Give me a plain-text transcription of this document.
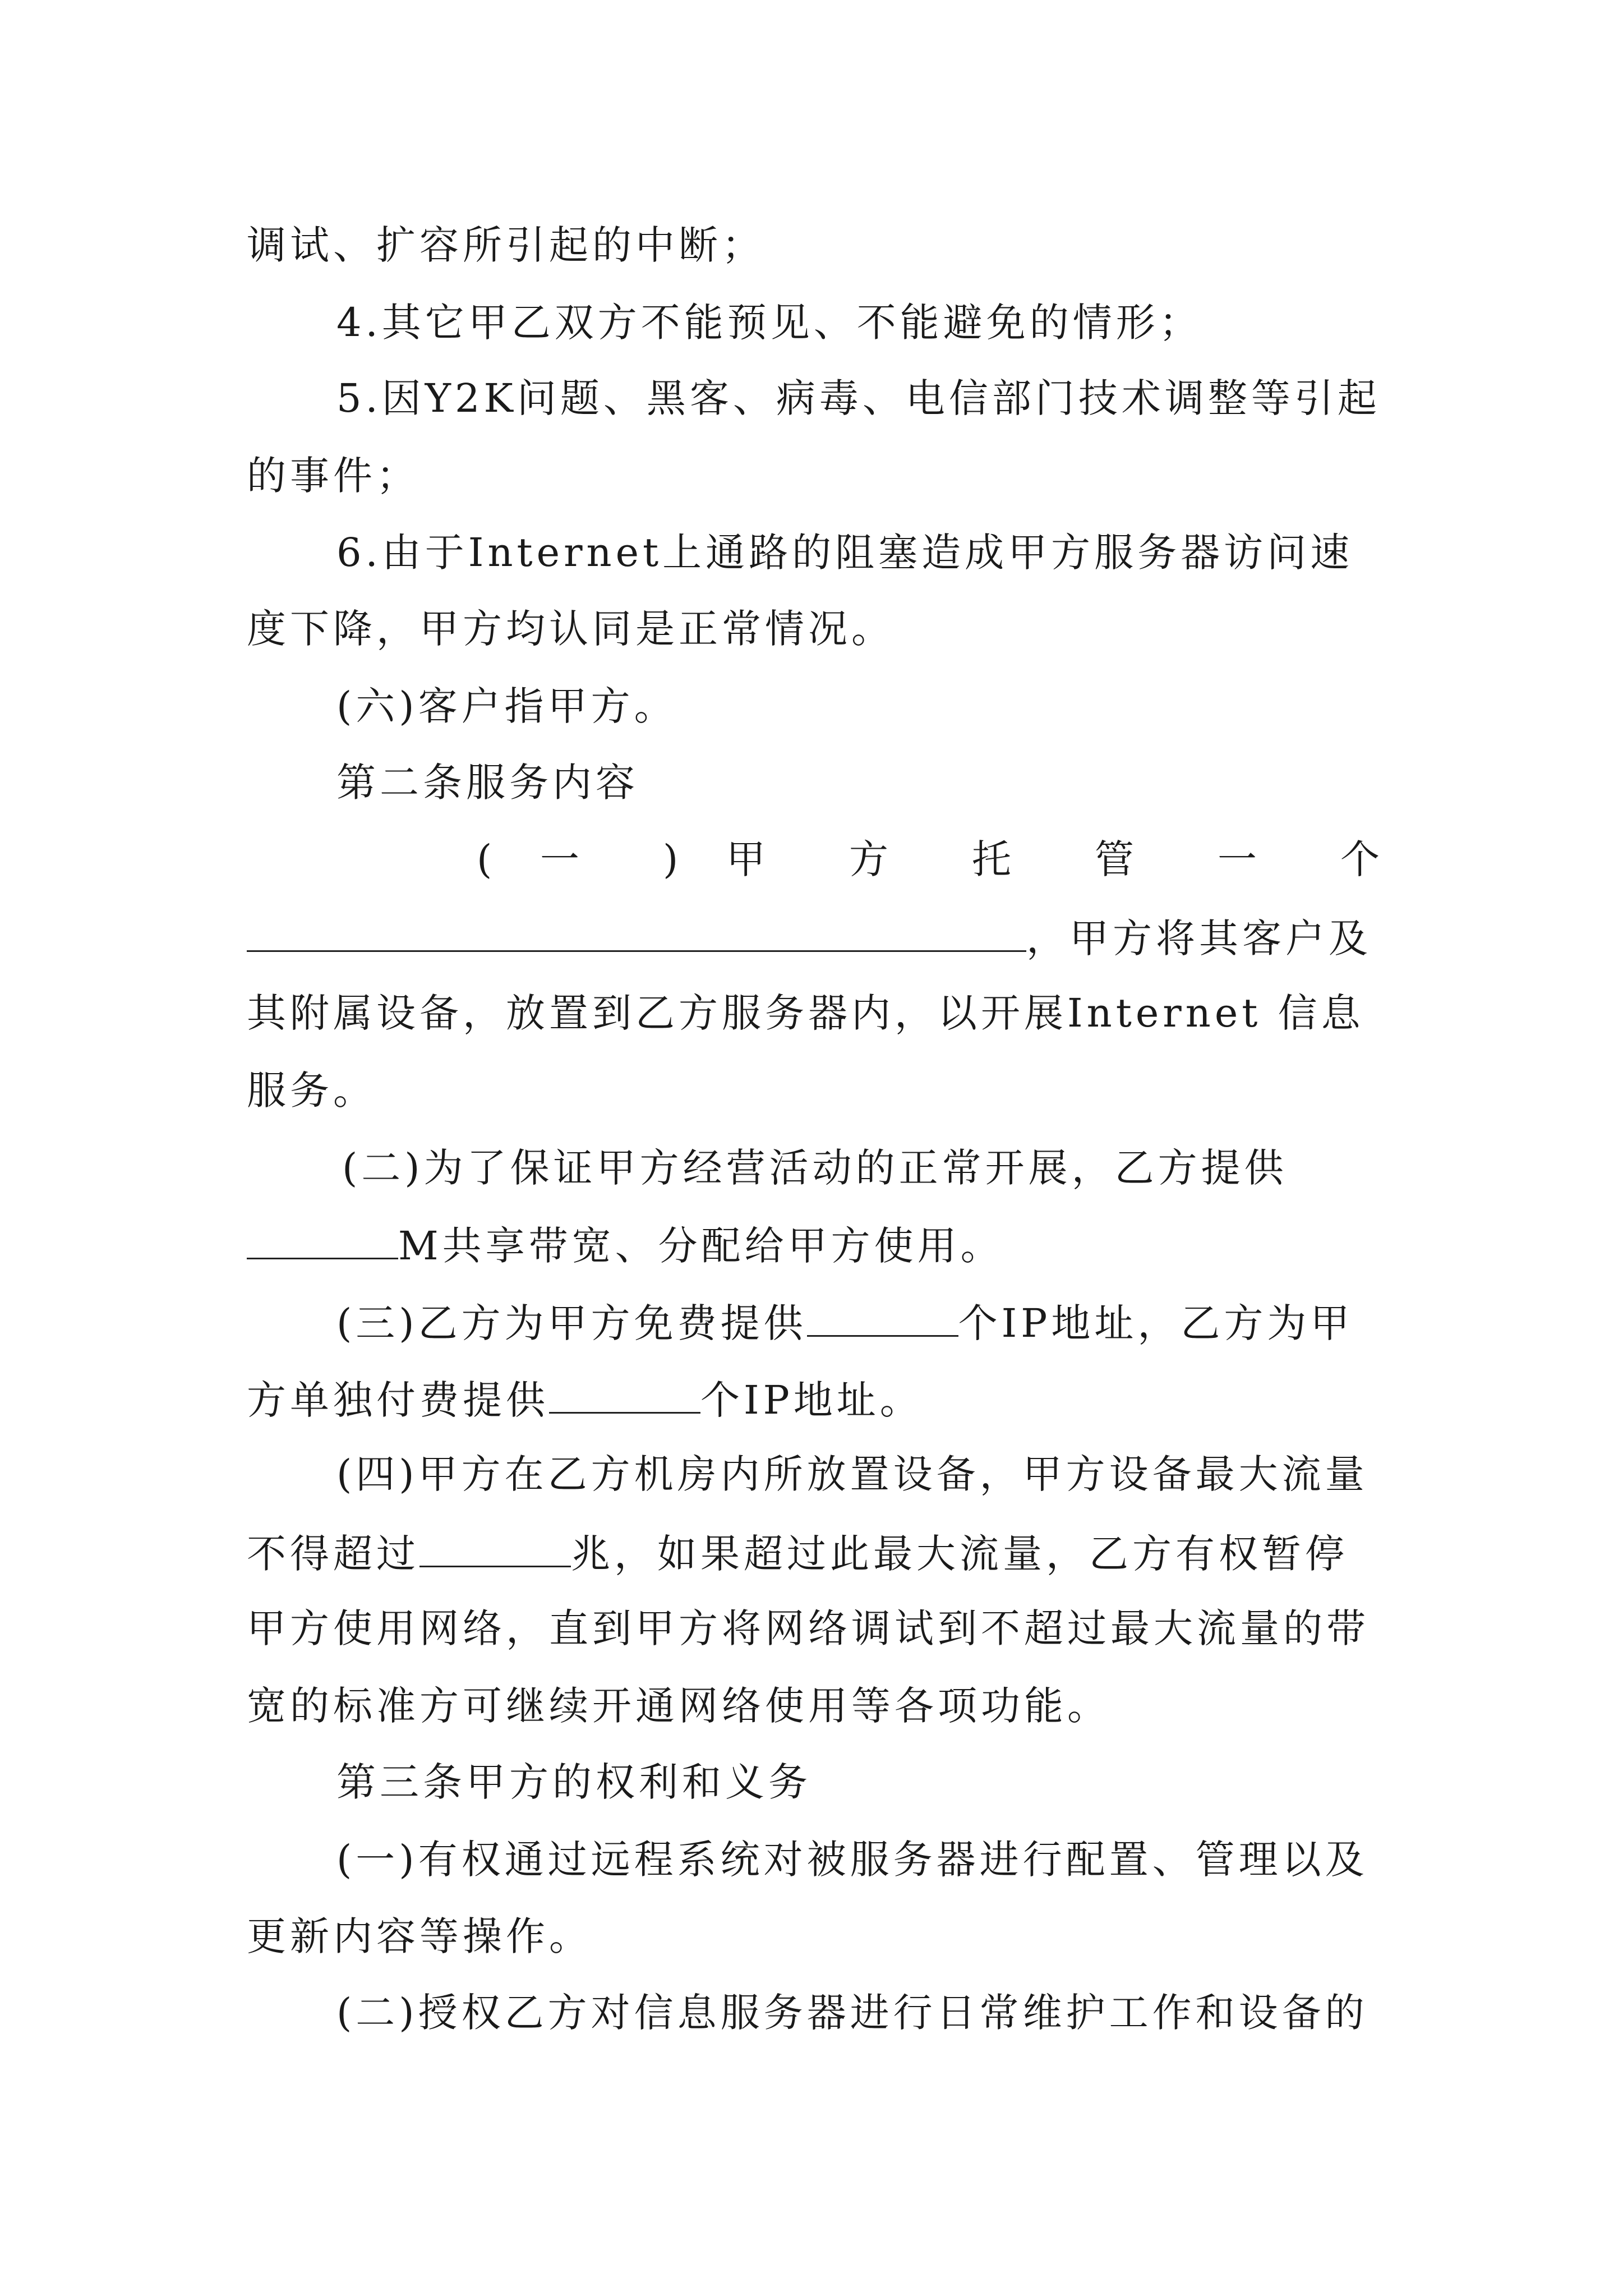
调试、扩容所引起的中断；
4.其它甲乙双方不能预见、不能避免的情形；
5.因Y2K问题、黑客、病毒、电信部门技术调整等引起
的事件；
6.由于Internet上通路的阻塞造成甲方服务器访问速
度下降，甲方均认同是正常情况。
(六)客户指甲方。
第二条服务内容
( 一 ) 甲 方 托 管 一 个
，甲方将其客户及
其附属设备，放置到乙方服务器内，以开展Internet 信息
服务。
(二)为了保证甲方经营活动的正常开展，乙方提供
M共享带宽、分配给甲方使用。
(三)乙方为甲方免费提供	个IP地址，乙方为甲
方单独付费提供	个IP地址。
(四)甲方在乙方机房内所放置设备，甲方设备最大流量
不得超过	兆，如果超过此最大流量，乙方有权暂停
甲方使用网络，直到甲方将网络调试到不超过最大流量的带
宽的标准方可继续开通网络使用等各项功能。
第三条甲方的权利和义务
(一)有权通过远程系统对被服务器进行配置、管理以及
更新内容等操作。
(二)授权乙方对信息服务器进行日常维护工作和设备的
